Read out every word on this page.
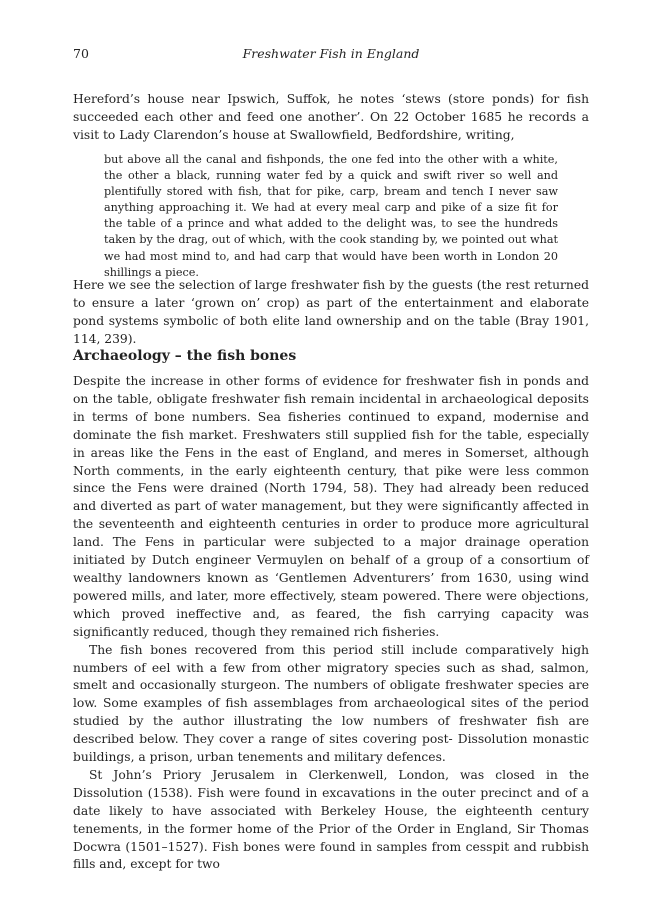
70	Freshwater Fish in England

Hereford’s house near Ipswich, Suffok, he notes ‘stews (store ponds) for fish succeeded each other and feed one another’. On 22 October 1685 he records a visit to Lady Clarendon’s house at Swallowfield, Bedfordshire, writing,

but above all the canal and fishponds, the one fed into the other with a white, the other a black, running water fed by a quick and swift river so well and plentifully stored with fish, that for pike, carp, bream and tench I never saw anything approaching it. We had at every meal carp and pike of a size fit for the table of a prince and what added to the delight was, to see the hundreds taken by the drag, out of which, with the cook standing by, we pointed out what we had most mind to, and had carp that would have been worth in London 20 shillings a piece.

Here we see the selection of large freshwater fish by the guests (the rest returned to ensure a later ‘grown on’ crop) as part of the entertainment and elaborate pond systems symbolic of both elite land ownership and on the table (Bray 1901, 114, 239).

Archaeology – the fish bones

Despite the increase in other forms of evidence for freshwater fish in ponds and on the table, obligate freshwater fish remain incidental in archaeological deposits in terms of bone numbers. Sea fisheries continued to expand, modernise and dominate the fish market. Freshwaters still supplied fish for the table, especially in areas like the Fens in the east of England, and meres in Somerset, although North comments, in the early eighteenth century, that pike were less common since the Fens were drained (North 1794, 58). They had already been reduced and diverted as part of water management, but they were significantly affected in the seventeenth and eighteenth centuries in order to produce more agricultural land. The Fens in particular were subjected to a major drainage operation initiated by Dutch engineer Vermuylen on behalf of a group of a consortium of wealthy landowners known as ‘Gentlemen Adventurers’ from 1630, using wind powered mills, and later, more effectively, steam powered. There were objections, which proved ineffective and, as feared, the fish carrying capacity was significantly reduced, though they remained rich fisheries.

The fish bones recovered from this period still include comparatively high numbers of eel with a few from other migratory species such as shad, salmon, smelt and occasionally sturgeon. The numbers of obligate freshwater species are low. Some examples of fish assemblages from archaeological sites of the period studied by the author illustrating the low numbers of freshwater fish are described below. They cover a range of sites covering post- Dissolution monastic buildings, a prison, urban tenements and military defences.

St John’s Priory Jerusalem in Clerkenwell, London, was closed in the Dissolution (1538). Fish were found in excavations in the outer precinct and of a date likely to have associated with Berkeley House, the eighteenth century tenements, in the former home of the Prior of the Order in England, Sir Thomas Docwra (1501–1527). Fish bones were found in samples from cesspit and rubbish fills and, except for two
